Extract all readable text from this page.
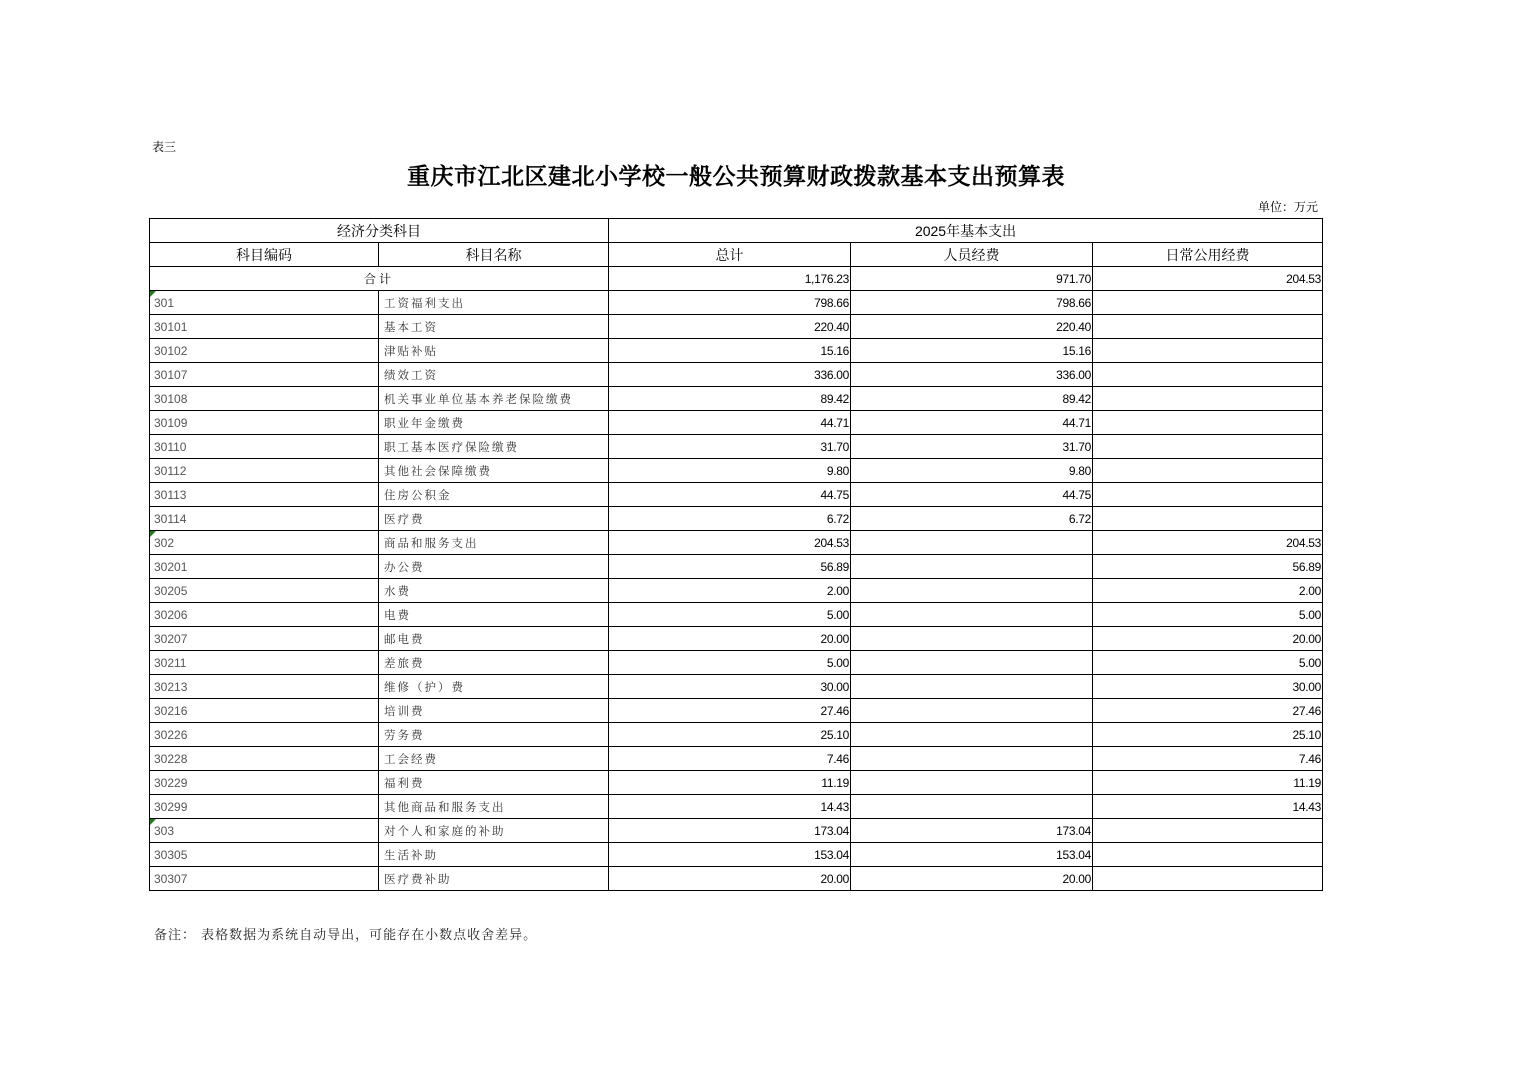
表三
重庆市江北区建北小学校一般公共预算财政拨款基本支出预算表
单位：万元
经济分类科目		2025年基本支出		
科目编码	科目名称	总计	人员经费	日常公用经费
合计		1,176.23	971.70	204.53
301	工资福利支出	798.66	798.66	
30101	基本工资	220.40	220.40	
30102	津贴补贴	15.16	15.16	
30107	绩效工资	336.00	336.00	
30108	机关事业单位基本养老保险缴费	89.42	89.42	
30109	职业年金缴费	44.71	44.71	
30110	职工基本医疗保险缴费	31.70	31.70	
30112	其他社会保障缴费	9.80	9.80	
30113	住房公积金	44.75	44.75	
30114	医疗费	6.72	6.72	
302	商品和服务支出	204.53		204.53
30201	办公费	56.89		56.89
30205	水费	2.00		2.00
30206	电费	5.00		5.00
30207	邮电费	20.00		20.00
30211	差旅费	5.00		5.00
30213	维修（护）费	30.00		30.00
30216	培训费	27.46		27.46
30226	劳务费	25.10		25.10
30228	工会经费	7.46		7.46
30229	福利费	11.19		11.19
30299	其他商品和服务支出	14.43		14.43
303	对个人和家庭的补助	173.04	173.04	
30305	生活补助	153.04	153.04	
30307	医疗费补助	20.00	20.00	
备注： 表格数据为系统自动导出，可能存在小数点收舍差异。
